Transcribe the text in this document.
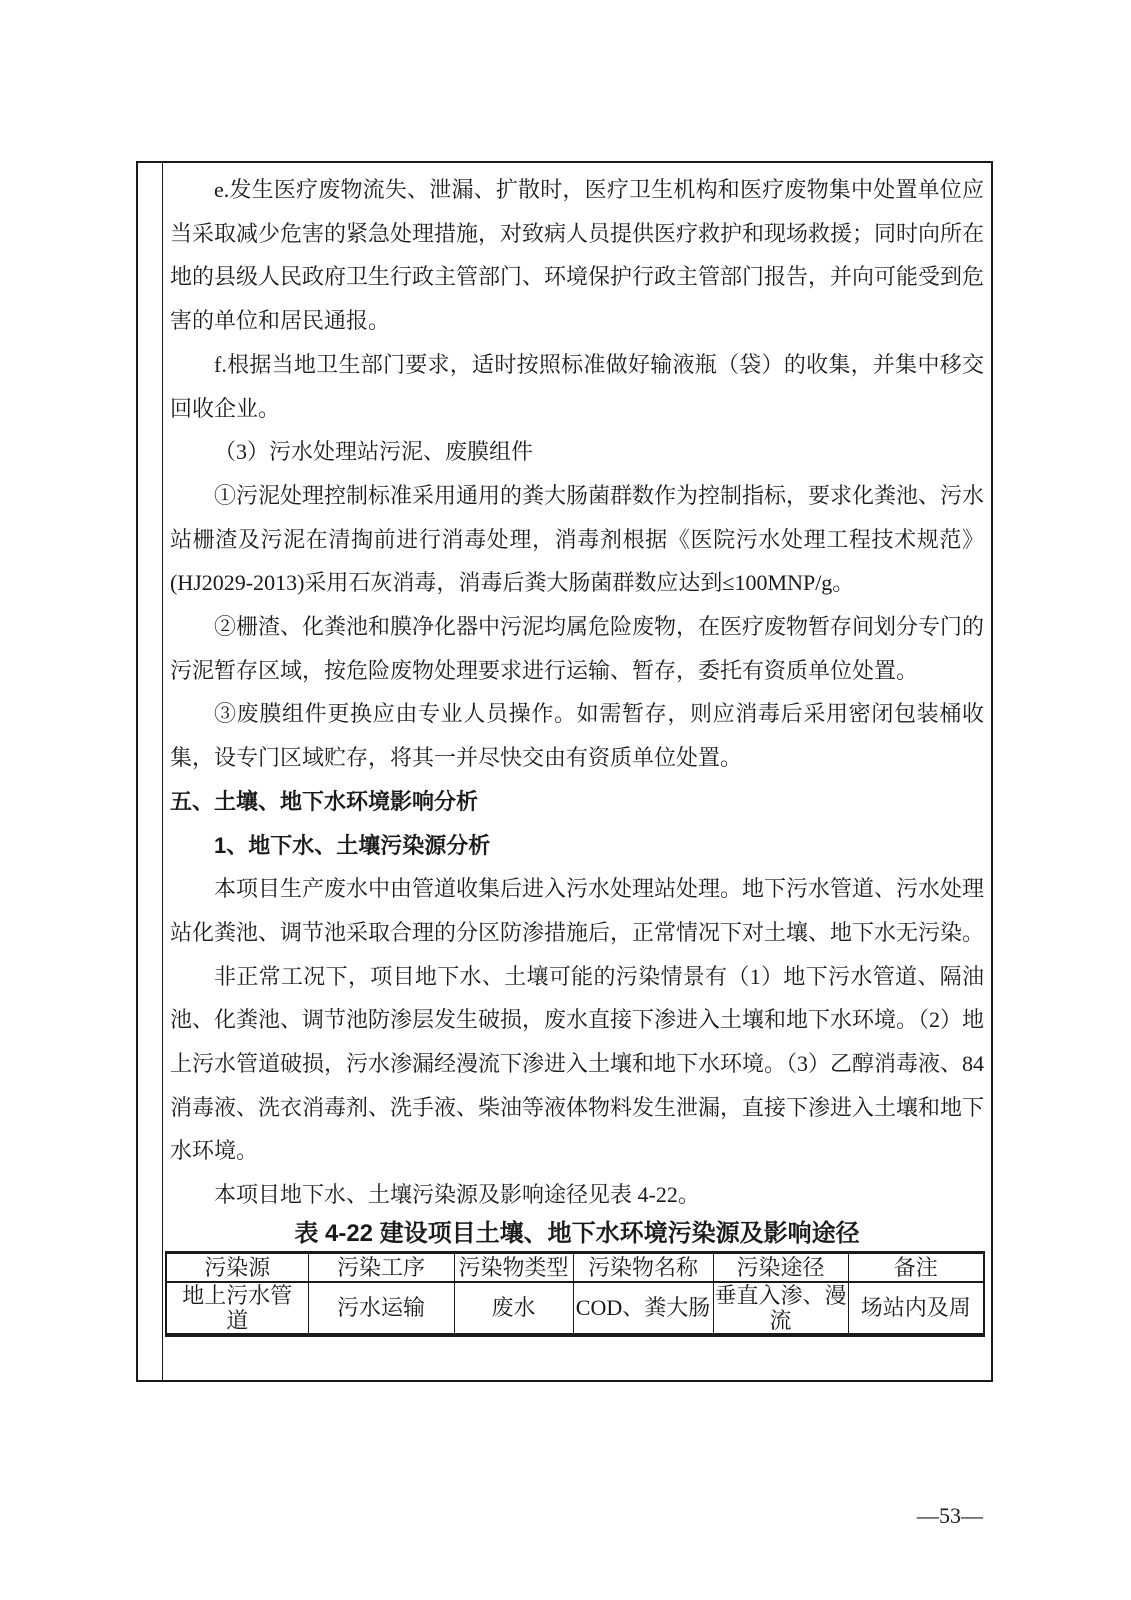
e.发生医疗废物流失、泄漏、扩散时，医疗卫生机构和医疗废物集中处置单位应当采取减少危害的紧急处理措施，对致病人员提供医疗救护和现场救援；同时向所在地的县级人民政府卫生行政主管部门、环境保护行政主管部门报告，并向可能受到危害的单位和居民通报。

f.根据当地卫生部门要求，适时按照标准做好输液瓶（袋）的收集，并集中移交回收企业。

（3）污水处理站污泥、废膜组件

①污泥处理控制标准采用通用的粪大肠菌群数作为控制指标，要求化粪池、污水站栅渣及污泥在清掏前进行消毒处理，消毒剂根据《医院污水处理工程技术规范》(HJ2029-2013)采用石灰消毒，消毒后粪大肠菌群数应达到≤100MNP/g。

②栅渣、化粪池和膜净化器中污泥均属危险废物，在医疗废物暂存间划分专门的污泥暂存区域，按危险废物处理要求进行运输、暂存，委托有资质单位处置。

③废膜组件更换应由专业人员操作。如需暂存，则应消毒后采用密闭包装桶收集，设专门区域贮存，将其一并尽快交由有资质单位处置。

五、土壤、地下水环境影响分析

1、地下水、土壤污染源分析

本项目生产废水中由管道收集后进入污水处理站处理。地下污水管道、污水处理站化粪池、调节池采取合理的分区防渗措施后，正常情况下对土壤、地下水无污染。

非正常工况下，项目地下水、土壤可能的污染情景有（1）地下污水管道、隔油池、化粪池、调节池防渗层发生破损，废水直接下渗进入土壤和地下水环境。（2）地上污水管道破损，污水渗漏经漫流下渗进入土壤和地下水环境。（3）乙醇消毒液、84 消毒液、洗衣消毒剂、洗手液、柴油等液体物料发生泄漏，直接下渗进入土壤和地下水环境。

本项目地下水、土壤污染源及影响途径见表 4-22。

表 4-22 建设项目土壤、地下水环境污染源及影响途径
污染源	污染工序	污染物类型	污染物名称	污染途径	备注
地上污水管道	污水运输	废水	COD、粪大肠	垂直入渗、漫流	场站内及周
—53—
